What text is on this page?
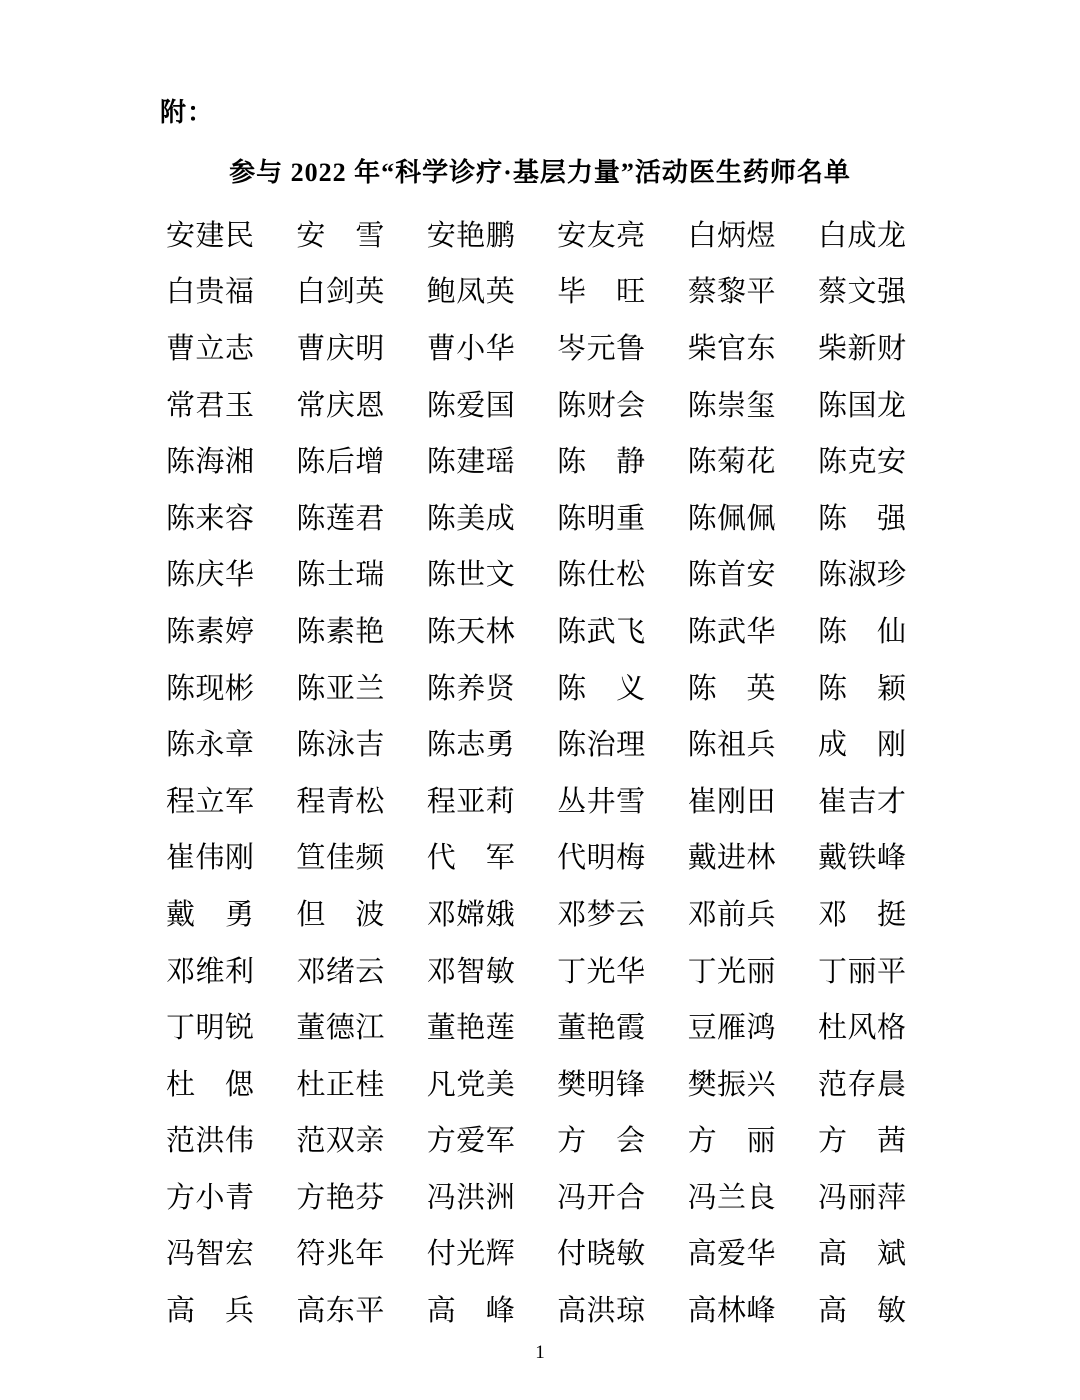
附：
参与 2022 年“科学诊疗·基层力量”活动医生药师名单
安建民 安雪 安艳鹏 安友亮 白炳煜 白成龙
白贵福 白剑英 鲍凤英 毕旺 蔡黎平 蔡文强
曹立志 曹庆明 曹小华 岑元鲁 柴官东 柴新财
常君玉 常庆恩 陈爱国 陈财会 陈崇玺 陈国龙
陈海湘 陈后增 陈建瑶 陈静 陈菊花 陈克安
陈来容 陈莲君 陈美成 陈明重 陈佩佩 陈强
陈庆华 陈士瑞 陈世文 陈仕松 陈首安 陈淑珍
陈素婷 陈素艳 陈天林 陈武飞 陈武华 陈仙
陈现彬 陈亚兰 陈养贤 陈义 陈英 陈颖
陈永章 陈泳吉 陈志勇 陈治理 陈祖兵 成刚
程立军 程青松 程亚莉 丛井雪 崔刚田 崔吉才
崔伟刚 笪佳频 代军 代明梅 戴进林 戴铁峰
戴勇 但波 邓嫦娥 邓梦云 邓前兵 邓挺
邓维利 邓绪云 邓智敏 丁光华 丁光丽 丁丽平
丁明锐 董德江 董艳莲 董艳霞 豆雁鸿 杜风格
杜偲 杜正桂 凡党美 樊明锋 樊振兴 范存晨
范洪伟 范双亲 方爱军 方会 方丽 方茜
方小青 方艳芬 冯洪洲 冯开合 冯兰良 冯丽萍
冯智宏 符兆年 付光辉 付晓敏 高爱华 高斌
高兵 高东平 高峰 高洪琼 高林峰 高敏
1
